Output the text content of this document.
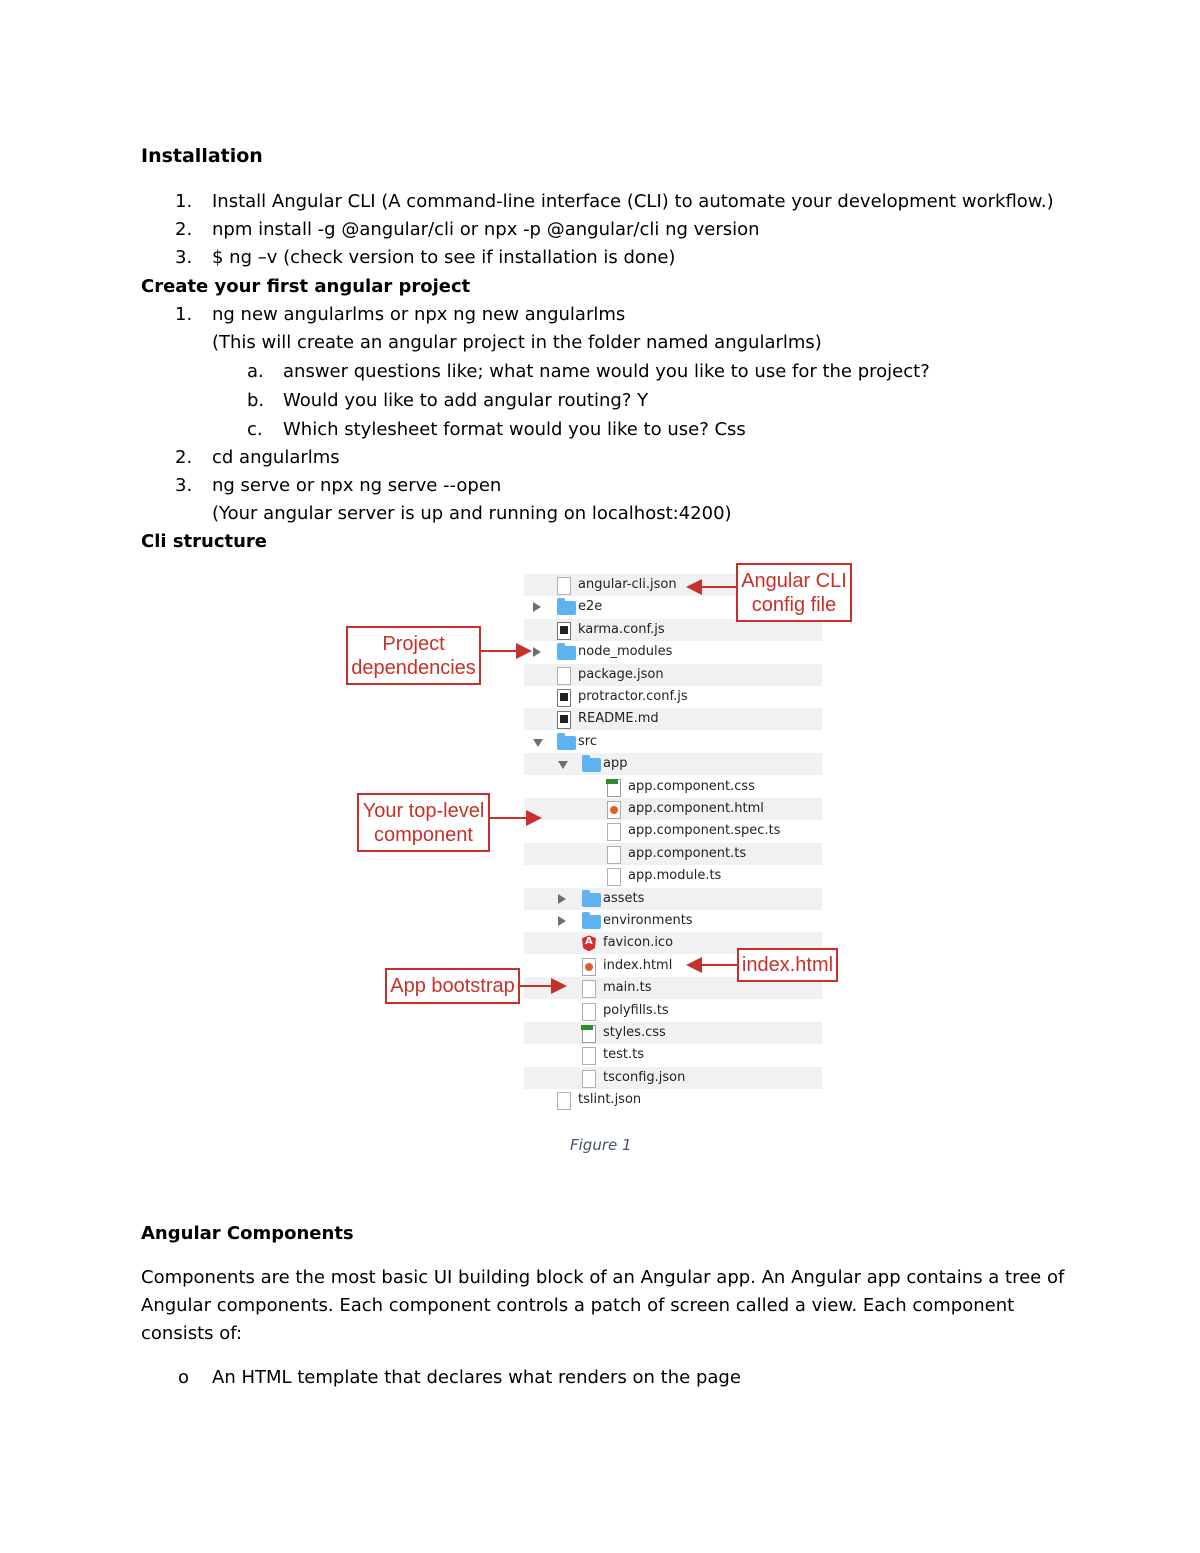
Installation
1. Install Angular CLI (A command-line interface (CLI) to automate your development workflow.)
2. npm install -g @angular/cli or npx -p @angular/cli ng version
3. $ ng –v (check version to see if installation is done)
Create your first angular project
1. ng new angularlms or npx ng new angularlms
(This will create an angular project in the folder named angularlms)
a. answer questions like; what name would you like to use for the project?
b. Would you like to add angular routing? Y
c. Which stylesheet format would you like to use? Css
2. cd angularlms
3. ng serve or npx ng serve --open
(Your angular server is up and running on localhost:4200)
Cli structure
angular-cli.json
e2e
karma.conf.js
node_modules
package.json
protractor.conf.js
README.md
src
app
app.component.css
app.component.html
app.component.spec.ts
app.component.ts
app.module.ts
assets
environments
A
favicon.ico
index.html
main.ts
polyfills.ts
styles.css
test.ts
tsconfig.json
tslint.json
Angular CLI
config file
Project
dependencies
Your top-level
component
App bootstrap
index.html
Figure 1
Angular Components
Components are the most basic UI building block of an Angular app. An Angular app contains a tree of
Angular components. Each component controls a patch of screen called a view. Each component
consists of:
o An HTML template that declares what renders on the page
